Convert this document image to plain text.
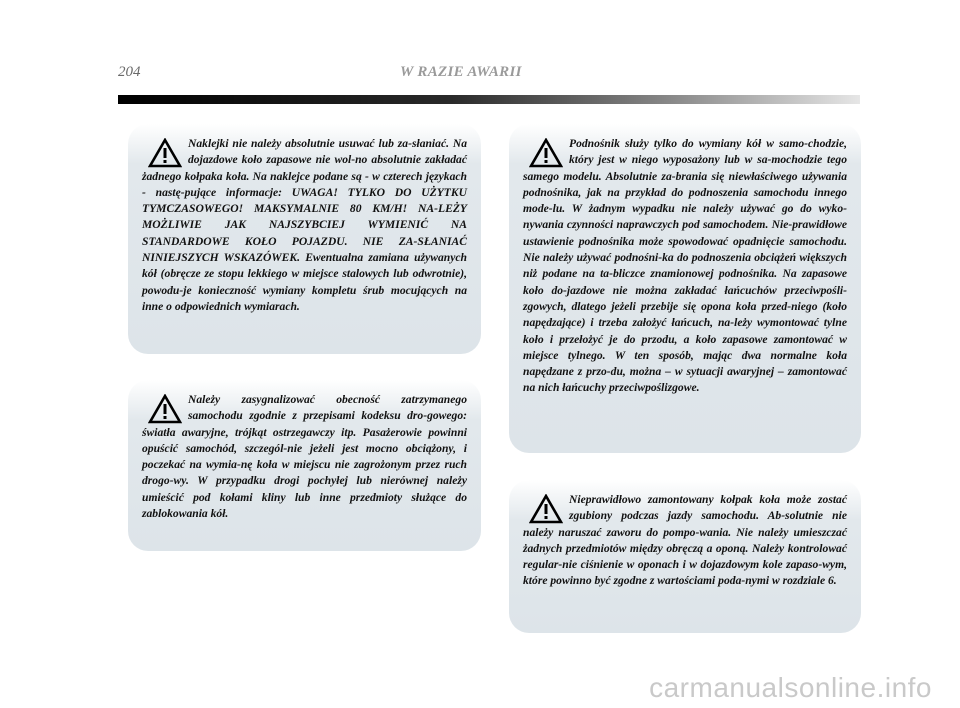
204	W RAZIE AWARII
Naklejki nie należy absolutnie usuwać lub za-słaniać. Na dojazdowe koło zapasowe nie wol-no absolutnie zakładać żadnego kołpaka koła. Na naklejce podane są - w czterech językach - nastę-pujące informacje: UWAGA! TYLKO DO UŻYTKU TYMCZASOWEGO! MAKSYMALNIE 80 KM/H! NA-LEŻY MOŻLIWIE JAK NAJSZYBCIEJ WYMIENIĆ NA STANDARDOWE KOŁO POJAZDU. NIE ZA-SŁANIAĆ NINIEJSZYCH WSKAZÓWEK. Ewentualna zamiana używanych kół (obręcze ze stopu lekkiego w miejsce stalowych lub odwrotnie), powodu-je konieczność wymiany kompletu śrub mocujących na inne o odpowiednich wymiarach.
Należy zasygnalizować obecność zatrzymanego samochodu zgodnie z przepisami kodeksu dro-gowego: światła awaryjne, trójkąt ostrzegawczy itp. Pasażerowie powinni opuścić samochód, szczegól-nie jeżeli jest mocno obciążony, i poczekać na wymia-nę koła w miejscu nie zagrożonym przez ruch drogo-wy. W przypadku drogi pochyłej lub nierównej należy umieścić pod kołami kliny lub inne przedmioty służące do zablokowania kół.
Podnośnik służy tylko do wymiany kół w samo-chodzie, który jest w niego wyposażony lub w sa-mochodzie tego samego modelu. Absolutnie za-brania się niewłaściwego używania podnośnika, jak na przykład do podnoszenia samochodu innego mode-lu. W żadnym wypadku nie należy używać go do wyko-nywania czynności naprawczych pod samochodem. Nie-prawidłowe ustawienie podnośnika może spowodować opadnięcie samochodu. Nie należy używać podnośni-ka do podnoszenia obciążeń większych niż podane na ta-bliczce znamionowej podnośnika. Na zapasowe koło do-jazdowe nie można zakładać łańcuchów przeciwpośli-zgowych, dlatego jeżeli przebije się opona koła przed-niego (koło napędzające) i trzeba założyć łańcuch, na-leży wymontować tylne koło i przełożyć je do przodu, a koło zapasowe zamontować w miejsce tylnego. W ten sposób, mając dwa normalne koła napędzane z przo-du, można – w sytuacji awaryjnej – zamontować na nich łańcuchy przeciwpoślizgowe.
Nieprawidłowo zamontowany kołpak koła może zostać zgubiony podczas jazdy samochodu. Ab-solutnie nie należy naruszać zaworu do pompo-wania. Nie należy umieszczać żadnych przedmiotów między obręczą a oponą. Należy kontrolować regular-nie ciśnienie w oponach i w dojazdowym kole zapaso-wym, które powinno być zgodne z wartościami poda-nymi w rozdziale 6.
carmanualsonline.info
